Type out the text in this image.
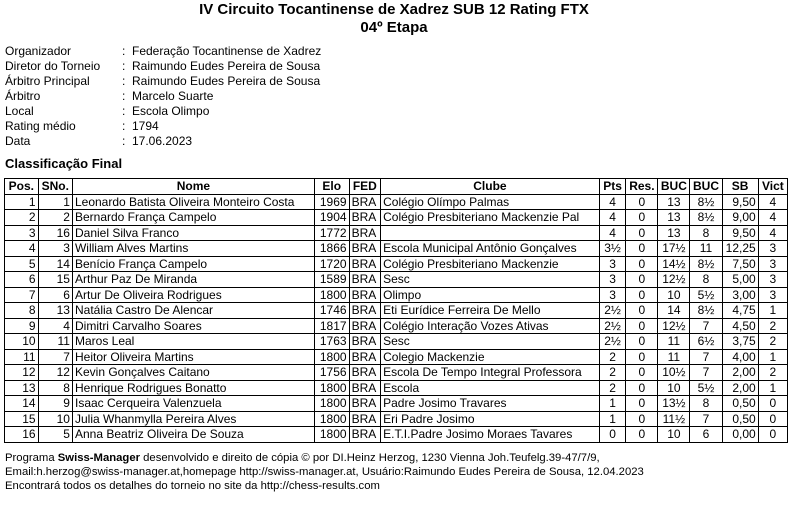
IV Circuito Tocantinense de Xadrez SUB 12 Rating FTX
04º Etapa
Organizador	: Federação Tocantinense de Xadrez
Diretor do Torneio	: Raimundo Eudes Pereira de Sousa
Árbitro Principal	: Raimundo Eudes Pereira de Sousa
Árbitro	: Marcelo Suarte
Local	: Escola Olimpo
Rating médio	: 1794
Data	: 17.06.2023
Classificação Final
Pos.	SNo.	Nome	Elo	FED	Clube	Pts	Res.	BUC	BUC	SB	Vict
1	1	Leonardo Batista Oliveira Monteiro Costa	1969	BRA	Colégio Olímpo Palmas	4	0	13	8½	9,50	4
2	2	Bernardo França Campelo	1904	BRA	Colégio Presbiteriano Mackenzie Pal	4	0	13	8½	9,00	4
3	16	Daniel Silva Franco	1772	BRA		4	0	13	8	9,50	4
4	3	William Alves Martins	1866	BRA	Escola Municipal Antônio Gonçalves	3½	0	17½	11	12,25	3
5	14	Benício França Campelo	1720	BRA	Colégio Presbiteriano Mackenzie	3	0	14½	8½	7,50	3
6	15	Arthur Paz De Miranda	1589	BRA	Sesc	3	0	12½	8	5,00	3
7	6	Artur De Oliveira Rodrigues	1800	BRA	Olimpo	3	0	10	5½	3,00	3
8	13	Natália Castro De Alencar	1746	BRA	Eti Eurídice Ferreira De Mello	2½	0	14	8½	4,75	1
9	4	Dimitri Carvalho Soares	1817	BRA	Colégio Interação Vozes Ativas	2½	0	12½	7	4,50	2
10	11	Maros Leal	1763	BRA	Sesc	2½	0	11	6½	3,75	2
11	7	Heitor Oliveira Martins	1800	BRA	Colegio Mackenzie	2	0	11	7	4,00	1
12	12	Kevin Gonçalves Caitano	1756	BRA	Escola De Tempo Integral Professora	2	0	10½	7	2,00	2
13	8	Henrique Rodrigues Bonatto	1800	BRA	Escola	2	0	10	5½	2,00	1
14	9	Isaac Cerqueira Valenzuela	1800	BRA	Padre Josimo Travares	1	0	13½	8	0,50	0
15	10	Julia Whanmylla Pereira Alves	1800	BRA	Eri Padre Josimo	1	0	11½	7	0,50	0
16	5	Anna Beatriz Oliveira De Souza	1800	BRA	E.T.I.Padre Josimo Moraes Tavares	0	0	10	6	0,00	0
Programa Swiss-Manager desenvolvido e direito de cópia © por DI.Heinz Herzog, 1230 Vienna Joh.Teufelg.39-47/7/9,
Email:h.herzog@swiss-manager.at,homepage http://swiss-manager.at, Usuário:Raimundo Eudes Pereira de Sousa, 12.04.2023
Encontrará todos os detalhes do torneio no site da http://chess-results.com
